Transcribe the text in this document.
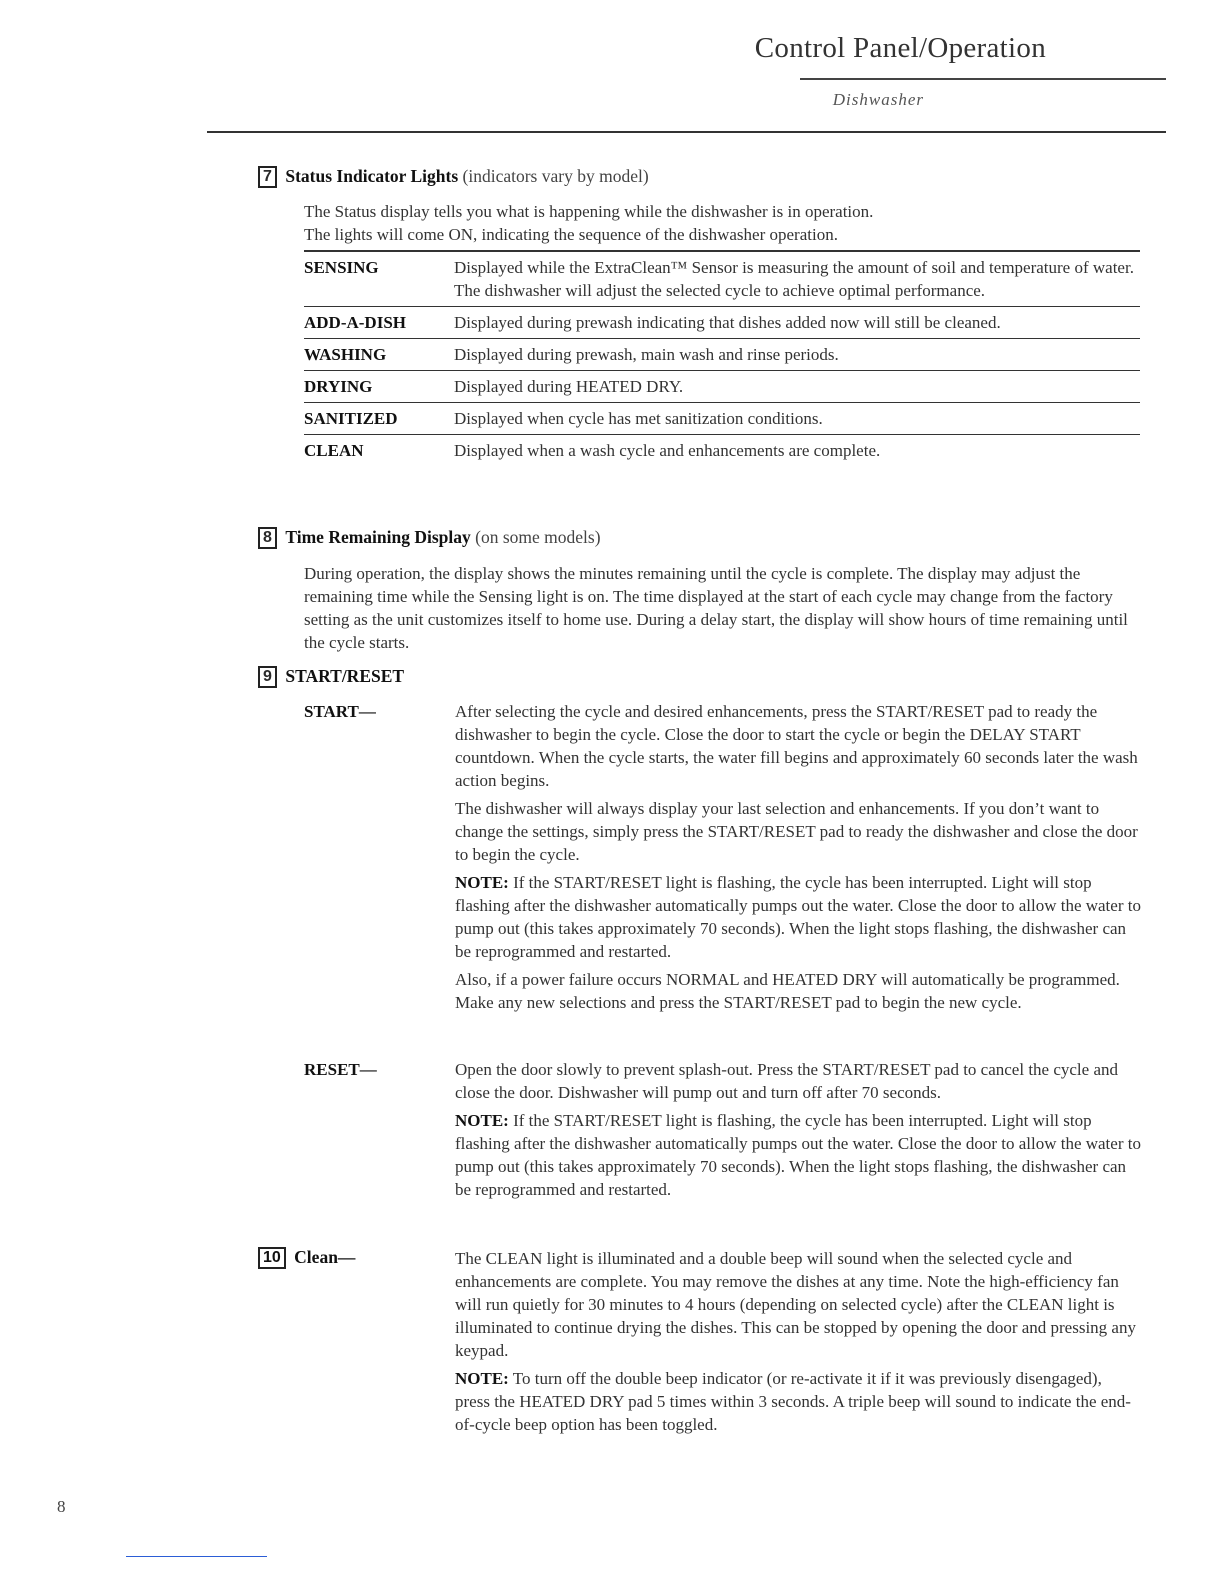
Control Panel/Operation
Dishwasher
7 Status Indicator Lights (indicators vary by model)
The Status display tells you what is happening while the dishwasher is in operation.
The lights will come ON, indicating the sequence of the dishwasher operation.
SENSING	Displayed while the ExtraClean™ Sensor is measuring the amount of soil and temperature of water. The dishwasher will adjust the selected cycle to achieve optimal performance.
ADD-A-DISH	Displayed during prewash indicating that dishes added now will still be cleaned.
WASHING	Displayed during prewash, main wash and rinse periods.
DRYING	Displayed during HEATED DRY.
SANITIZED	Displayed when cycle has met sanitization conditions.
CLEAN	Displayed when a wash cycle and enhancements are complete.
8 Time Remaining Display (on some models)
During operation, the display shows the minutes remaining until the cycle is complete. The display may adjust the remaining time while the Sensing light is on. The time displayed at the start of each cycle may change from the factory setting as the unit customizes itself to home use. During a delay start, the display will show hours of time remaining until the cycle starts.
9 START/RESET
START—	After selecting the cycle and desired enhancements, press the START/RESET pad to ready the dishwasher to begin the cycle. Close the door to start the cycle or begin the DELAY START countdown. When the cycle starts, the water fill begins and approximately 60 seconds later the wash action begins.

The dishwasher will always display your last selection and enhancements. If you don’t want to change the settings, simply press the START/RESET pad to ready the dishwasher and close the door to begin the cycle.

NOTE: If the START/RESET light is flashing, the cycle has been interrupted. Light will stop flashing after the dishwasher automatically pumps out the water. Close the door to allow the water to pump out (this takes approximately 70 seconds). When the light stops flashing, the dishwasher can be reprogrammed and restarted.

Also, if a power failure occurs NORMAL and HEATED DRY will automatically be programmed. Make any new selections and press the START/RESET pad to begin the new cycle.

RESET—	Open the door slowly to prevent splash-out. Press the START/RESET pad to cancel the cycle and close the door. Dishwasher will pump out and turn off after 70 seconds.

NOTE: If the START/RESET light is flashing, the cycle has been interrupted. Light will stop flashing after the dishwasher automatically pumps out the water. Close the door to allow the water to pump out (this takes approximately 70 seconds). When the light stops flashing, the dishwasher can be reprogrammed and restarted.

10 Clean—	The CLEAN light is illuminated and a double beep will sound when the selected cycle and enhancements are complete. You may remove the dishes at any time. Note the high-efficiency fan will run quietly for 30 minutes to 4 hours (depending on selected cycle) after the CLEAN light is illuminated to continue drying the dishes. This can be stopped by opening the door and pressing any keypad.

NOTE: To turn off the double beep indicator (or re-activate it if it was previously disengaged), press the HEATED DRY pad 5 times within 3 seconds. A triple beep will sound to indicate the end-of-cycle beep option has been toggled.

8
